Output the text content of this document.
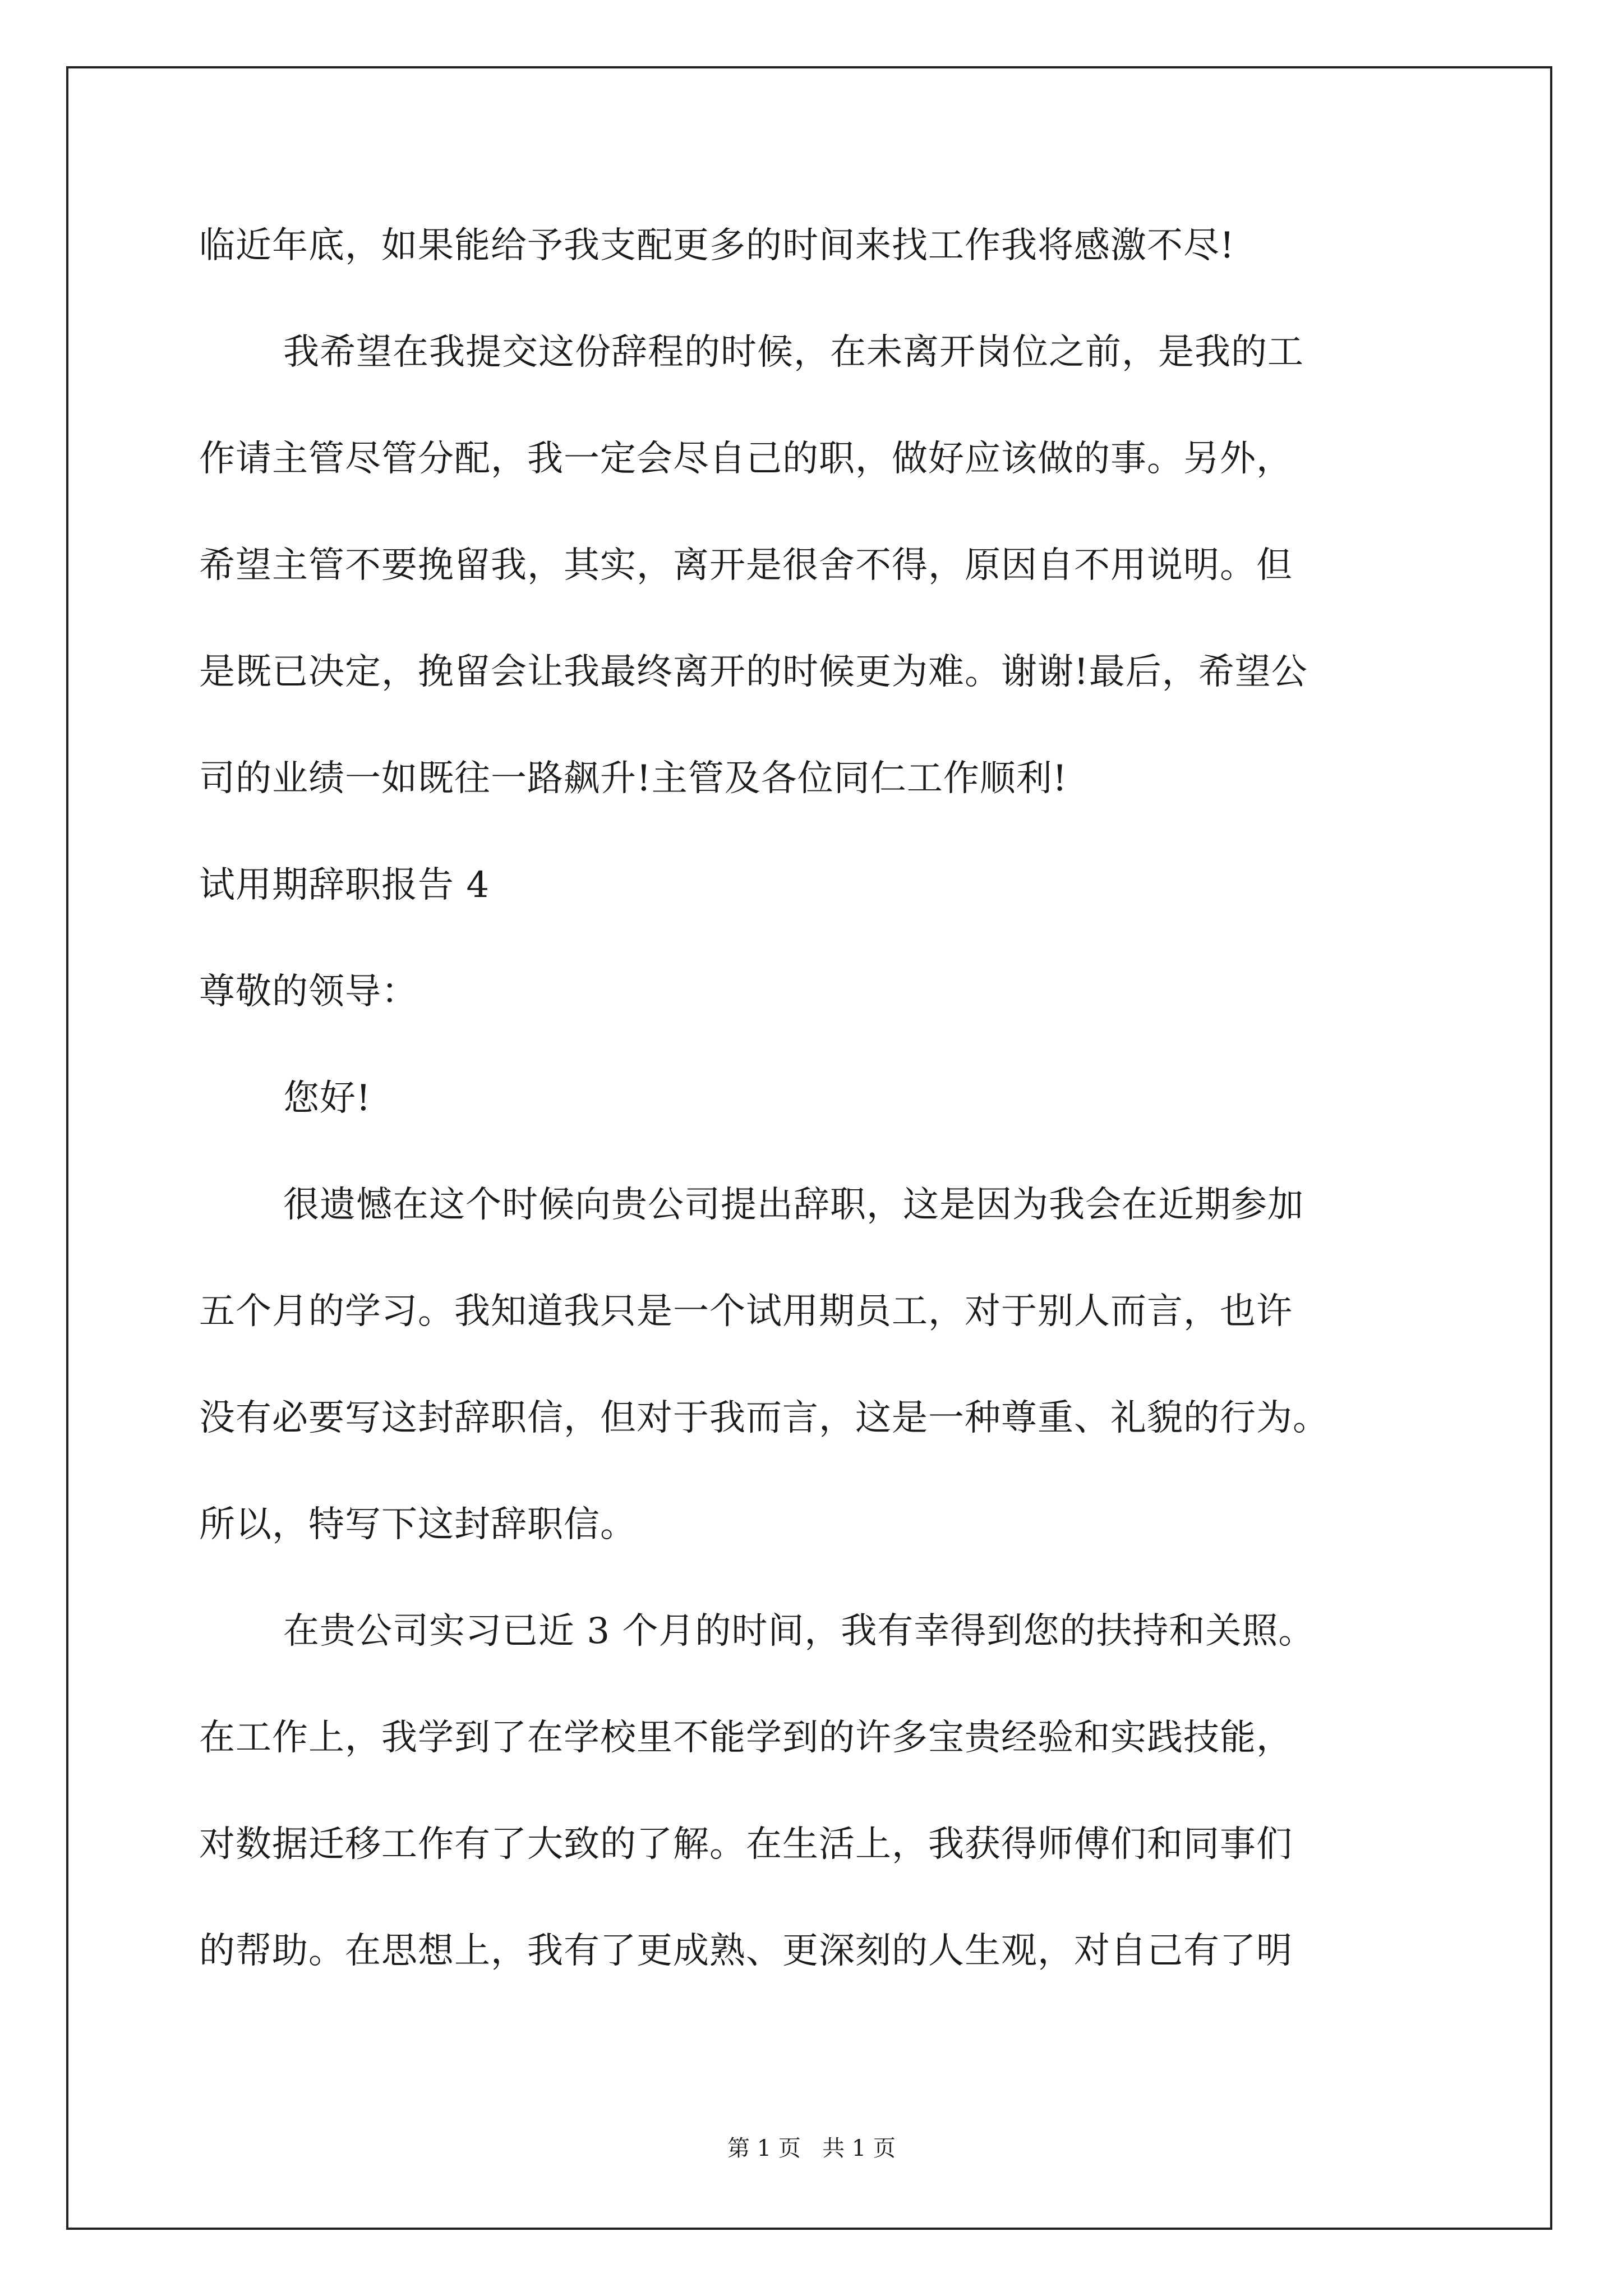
临近年底，如果能给予我支配更多的时间来找工作我将感激不尽!
我希望在我提交这份辞程的时候，在未离开岗位之前，是我的工
作请主管尽管分配，我一定会尽自己的职，做好应该做的事。另外，
希望主管不要挽留我，其实，离开是很舍不得，原因自不用说明。但
是既已决定，挽留会让我最终离开的时候更为难。谢谢!最后，希望公
司的业绩一如既往一路飙升!主管及各位同仁工作顺利!
试用期辞职报告 4
尊敬的领导：
您好!
很遗憾在这个时候向贵公司提出辞职，这是因为我会在近期参加
五个月的学习。我知道我只是一个试用期员工，对于别人而言，也许
没有必要写这封辞职信，但对于我而言，这是一种尊重、礼貌的行为。
所以，特写下这封辞职信。
在贵公司实习已近 3 个月的时间，我有幸得到您的扶持和关照。
在工作上，我学到了在学校里不能学到的许多宝贵经验和实践技能，
对数据迁移工作有了大致的了解。在生活上，我获得师傅们和同事们
的帮助。在思想上，我有了更成熟、更深刻的人生观，对自己有了明
第 1 页   共 1 页
